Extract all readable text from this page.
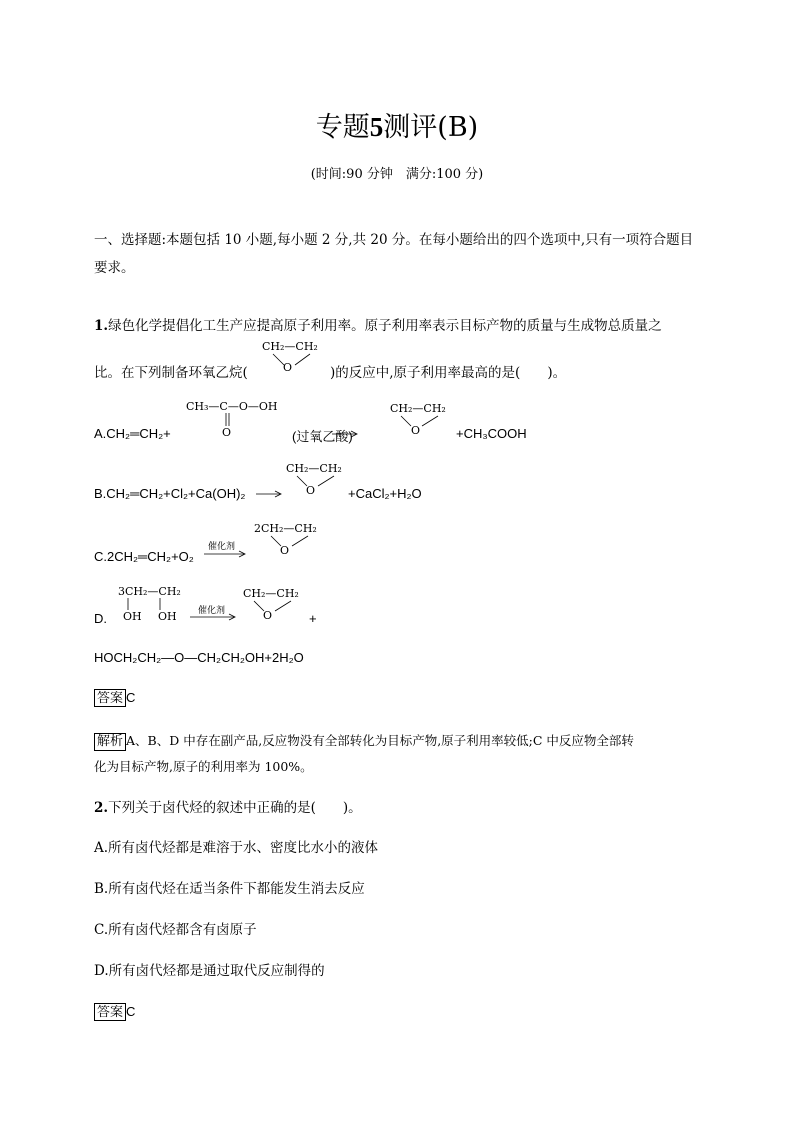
专题5测评(B)
(时间:90 分钟　满分:100 分)
一、选择题:本题包括 10 小题,每小题 2 分,共 20 分。在每小题给出的四个选项中,只有一项符合题目
要求。
1.绿色化学提倡化工生产应提高原子利用率。原子利用率表示目标产物的质量与生成物总质量之
CH₂—CH₂
O
比。在下列制备环氧乙烷(	)的反应中,原子利用率最高的是(　　)。
CH₃—C—O—OH
O
A.CH₂═CH₂+	(过氧乙酸)
CH₂—CH₂
O	+CH₃COOH
CH₂—CH₂
O
B.CH₂═CH₂+Cl₂+Ca(OH)₂	+CaCl₂+H₂O
2CH₂—CH₂
O
C.2CH₂═CH₂+O₂
催化剂
3CH₂—CH₂
OH OH
D.	催化剂
CH₂—CH₂
O	+
HOCH₂CH₂—O—CH₂CH₂OH+2H₂O
答案 C
解析 A、B、D 中存在副产品,反应物没有全部转化为目标产物,原子利用率较低;C 中反应物全部转
化为目标产物,原子的利用率为 100%。
2.下列关于卤代烃的叙述中正确的是(　　)。
A.所有卤代烃都是难溶于水、密度比水小的液体
B.所有卤代烃在适当条件下都能发生消去反应
C.所有卤代烃都含有卤原子
D.所有卤代烃都是通过取代反应制得的
答案 C
